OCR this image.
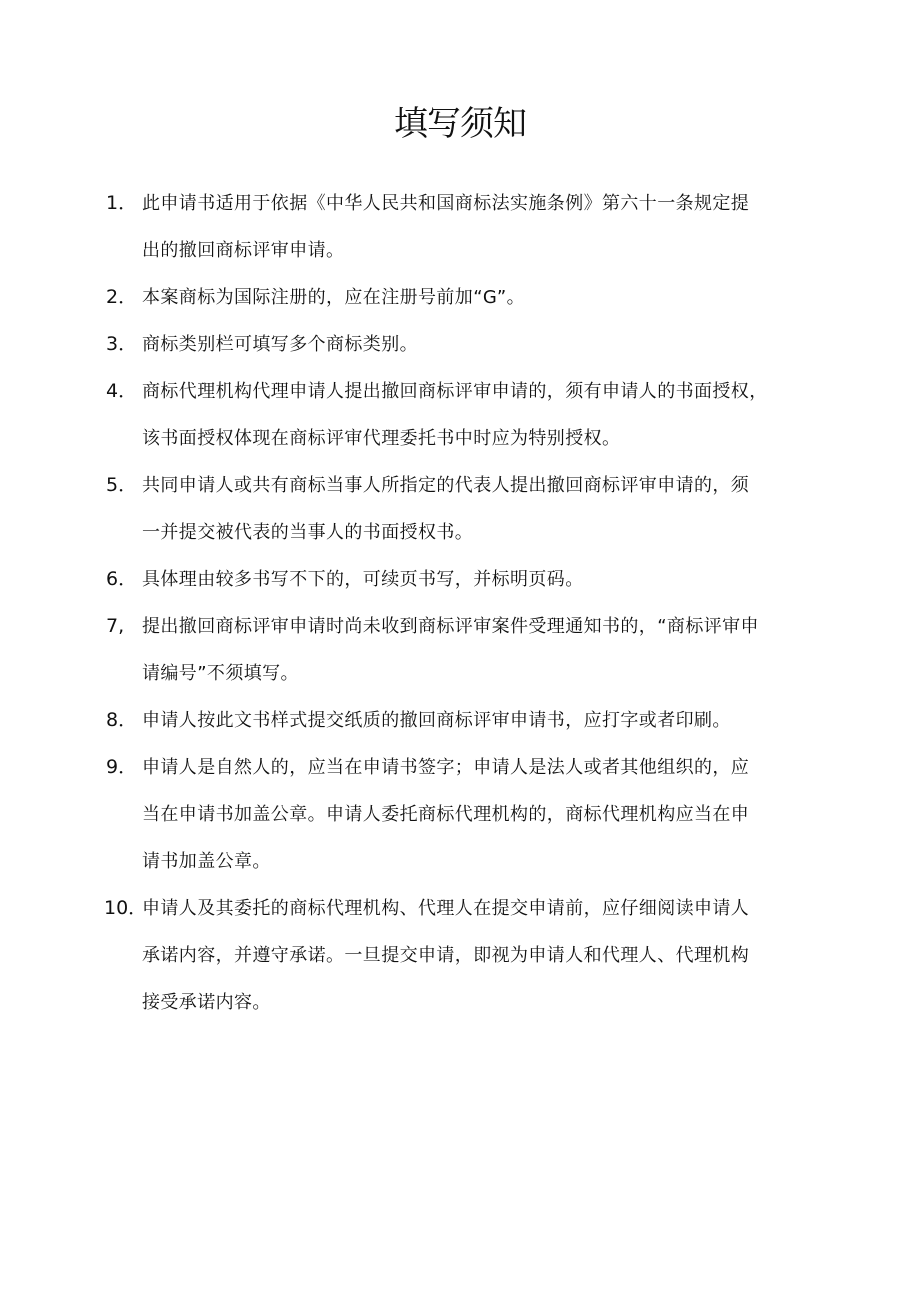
填写须知
1． 此申请书适用于依据《中华人民共和国商标法实施条例》第六十一条规定提
出的撤回商标评审申请。
2． 本案商标为国际注册的，应在注册号前加“G”。
3． 商标类别栏可填写多个商标类别。
4． 商标代理机构代理申请人提出撤回商标评审申请的，须有申请人的书面授权，
该书面授权体现在商标评审代理委托书中时应为特别授权。
5． 共同申请人或共有商标当事人所指定的代表人提出撤回商标评审申请的，须
一并提交被代表的当事人的书面授权书。
6． 具体理由较多书写不下的，可续页书写，并标明页码。
7, 提出撤回商标评审申请时尚未收到商标评审案件受理通知书的，“商标评审申
请编号”不须填写。
8． 申请人按此文书样式提交纸质的撤回商标评审申请书，应打字或者印刷。
9． 申请人是自然人的，应当在申请书签字；申请人是法人或者其他组织的，应
当在申请书加盖公章。申请人委托商标代理机构的，商标代理机构应当在申
请书加盖公章。
10．
申请人及其委托的商标代理机构、代理人在提交申请前，应仔细阅读申请人
承诺内容，并遵守承诺。一旦提交申请，即视为申请人和代理人、代理机构
接受承诺内容。
